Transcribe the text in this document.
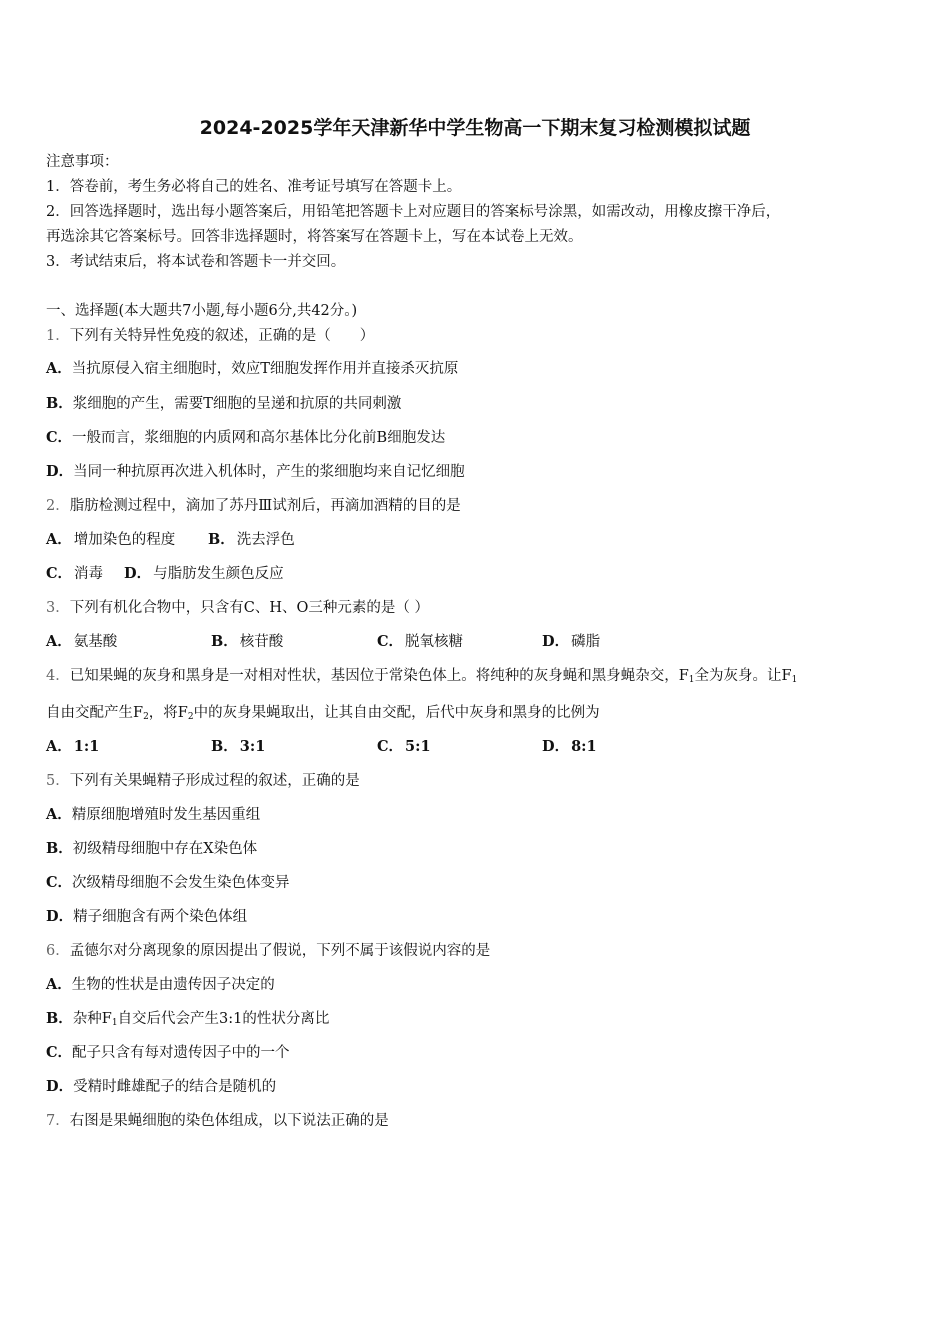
2024-2025学年天津新华中学生物高一下期末复习检测模拟试题
注意事项：
1．答卷前，考生务必将自己的姓名、准考证号填写在答题卡上。
2．回答选择题时，选出每小题答案后，用铅笔把答题卡上对应题目的答案标号涂黑，如需改动，用橡皮擦干净后，
再选涂其它答案标号。回答非选择题时，将答案写在答题卡上，写在本试卷上无效。
3．考试结束后，将本试卷和答题卡一并交回。
一、选择题(本大题共7小题,每小题6分,共42分。)
1．下列有关特异性免疫的叙述，正确的是（　　）
A．当抗原侵入宿主细胞时，效应T细胞发挥作用并直接杀灭抗原
B．浆细胞的产生，需要T细胞的呈递和抗原的共同刺激
C．一般而言，浆细胞的内质网和高尔基体比分化前B细胞发达
D．当同一种抗原再次进入机体时，产生的浆细胞均来自记忆细胞
2．脂肪检测过程中，滴加了苏丹Ⅲ试剂后，再滴加酒精的目的是
A． 增加染色的程度 B． 洗去浮色
C． 消毒 D． 与脂肪发生颜色反应
3．下列有机化合物中，只含有C、H、O三种元素的是（ ）
A． 氨基酸	B． 核苷酸	C． 脱氧核糖	D． 磷脂
4．已知果蝇的灰身和黑身是一对相对性状，基因位于常染色体上。将纯种的灰身蝇和黑身蝇杂交，$F_1$全为灰身。让$F_1$
自由交配产生$F_2$，将$F_2$中的灰身果蝇取出，让其自由交配，后代中灰身和黑身的比例为
A． 1:1	B． 3:1	C． 5:1	D． 8:1
5．下列有关果蝇精子形成过程的叙述，正确的是
A．精原细胞增殖时发生基因重组
B．初级精母细胞中存在X染色体
C．次级精母细胞不会发生染色体变异
D．精子细胞含有两个染色体组
6．孟德尔对分离现象的原因提出了假说，下列不属于该假说内容的是
A．生物的性状是由遗传因子决定的
B．杂种$F_1$自交后代会产生3:1的性状分离比
C．配子只含有每对遗传因子中的一个
D．受精时雌雄配子的结合是随机的
7．右图是果蝇细胞的染色体组成，以下说法正确的是
